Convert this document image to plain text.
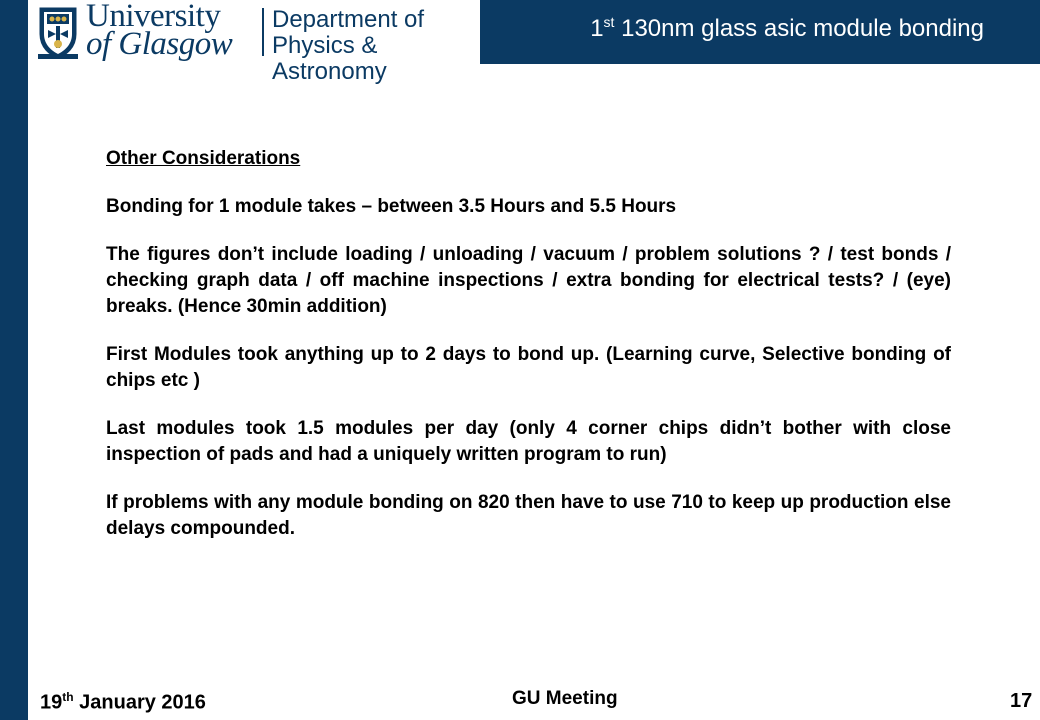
University
of Glasgow
Department of
Physics & Astronomy
1st 130nm glass asic module bonding

Other Considerations

Bonding for 1 module takes – between 3.5 Hours and 5.5 Hours

The figures don’t include loading / unloading / vacuum / problem solutions ? / test bonds / checking graph data / off machine inspections / extra bonding for electrical tests? / (eye) breaks. (Hence 30min addition)

First Modules took anything up to 2 days to bond up. (Learning curve, Selective bonding of chips etc )

Last modules took 1.5 modules per day (only 4 corner chips didn’t bother with close inspection of pads and had a uniquely written program to run)

If problems with any module bonding on 820 then have to use 710 to keep up production else delays compounded.

19th January 2016	GU Meeting	17
